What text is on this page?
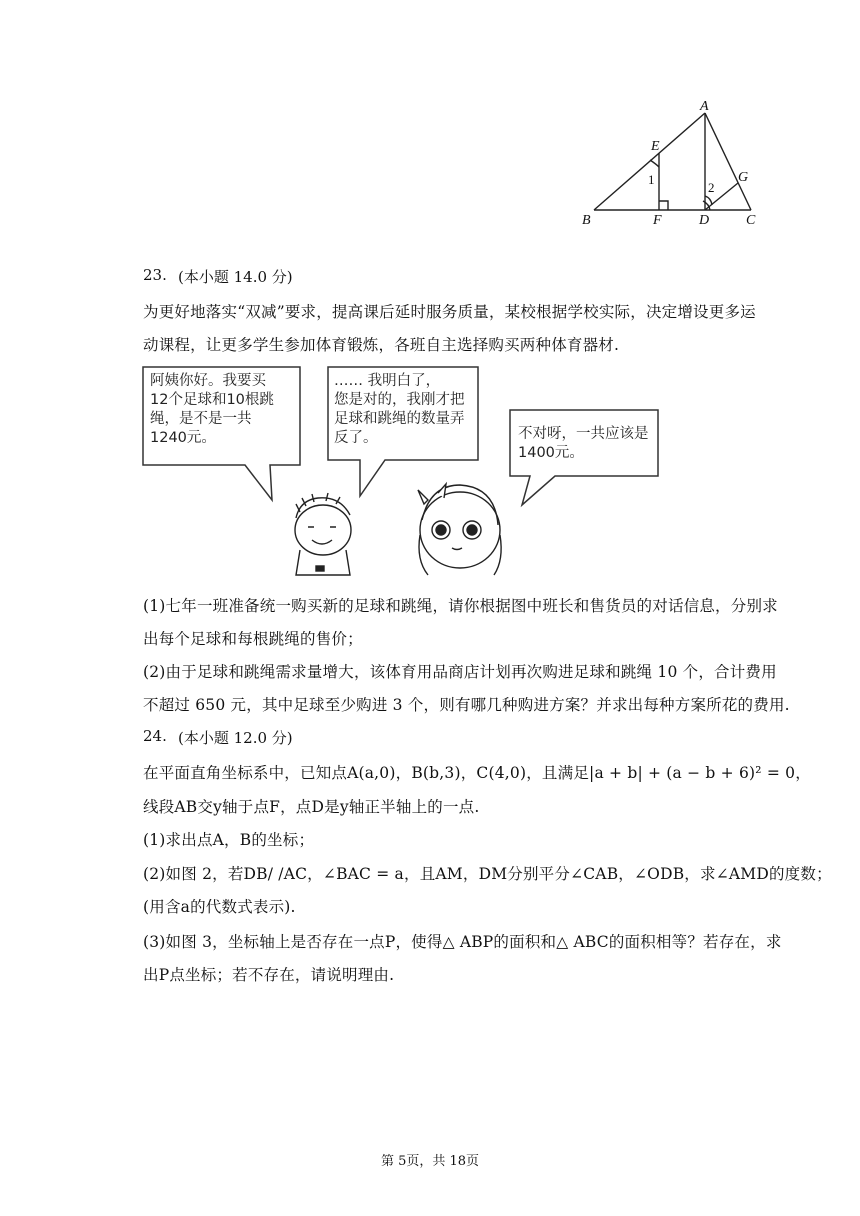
A
B	C
D
E
F
G
1
2
23. (本小题 14.0 分)
为更好地落实“双减”要求，提高课后延时服务质量，某校根据学校实际，决定增设更多运
动课程，让更多学生参加体育锻炼，各班自主选择购买两种体育器材.
阿姨你好。我要买
12个足球和10根跳
绳，是不是一共
1240元。
…… 我明白了，
您是对的，我刚才把
足球和跳绳的数量弄
反了。	不对呀，一共应该是
1400元。
(1)七年一班准备统一购买新的足球和跳绳，请你根据图中班长和售货员的对话信息，分别求
出每个足球和每根跳绳的售价；
(2)由于足球和跳绳需求量增大，该体育用品商店计划再次购进足球和跳绳 10 个，合计费用
不超过 650 元，其中足球至少购进 3 个，则有哪几种购进方案？并求出每种方案所花的费用.
24. (本小题 12.0 分)
在平面直角坐标系中，已知点A(a,0)，B(b,3)，C(4,0)，且满足|a + b| + (a − b + 6)² = 0，
线段AB交y轴于点F，点D是y轴正半轴上的一点.
(1)求出点A，B的坐标；
(2)如图 2，若DB/ /AC，∠BAC = a，且AM，DM分别平分∠CAB，∠ODB，求∠AMD的度数；
(用含a的代数式表示).
(3)如图 3，坐标轴上是否存在一点P，使得△ ABP的面积和△ ABC的面积相等？若存在，求
出P点坐标；若不存在，请说明理由.
第 5页，共 18页
